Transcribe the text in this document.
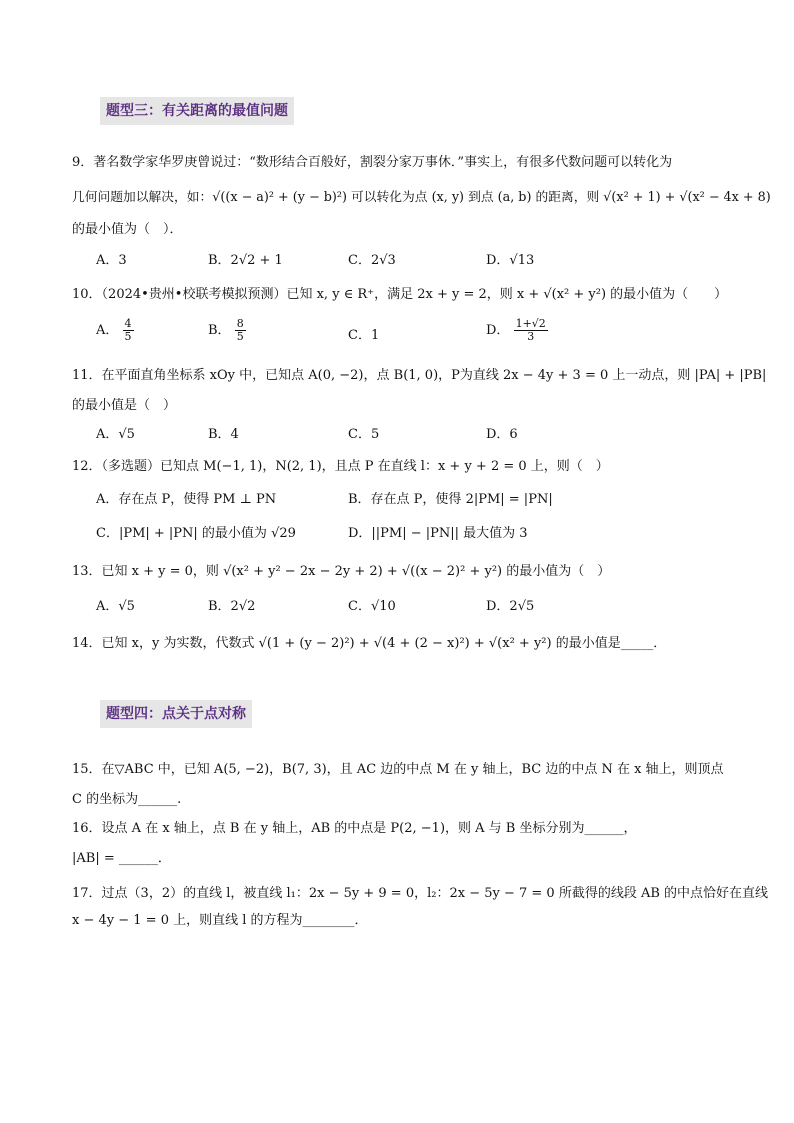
题型三：有关距离的最值问题
9．著名数学家华罗庚曾说过：“数形结合百般好，割裂分家万事休．”事实上，有很多代数问题可以转化为
几何问题加以解决，如：√((x − a)² + (y − b)²) 可以转化为点 (x, y) 到点 (a, b) 的距离，则 √(x² + 1) + √(x² − 4x + 8)
的最小值为（　）．
A．3	B．2√2 + 1	C．2√3	D．√13
10．（2024•贵州•校联考模拟预测）已知 x, y ∈ R⁺，满足 2x + y = 2，则 x + √(x² + y²) 的最小值为（　　）
A． $\frac{4}{5}$	B． $\frac{8}{5}$	C．1	D． $\frac{1+√2}{3}$
11．在平面直角坐标系 xOy 中，已知点 A(0, −2)，点 B(1, 0)，P为直线 2x − 4y + 3 = 0 上一动点，则 |PA| + |PB|
的最小值是（　）
A．√5	B．4	C．5	D．6
12．（多选题）已知点 M(−1, 1)，N(2, 1)，且点 P 在直线 l：x + y + 2 = 0 上，则（　）
A．存在点 P，使得 PM ⊥ PN	B．存在点 P，使得 2|PM| = |PN|
C．|PM| + |PN| 的最小值为 √29	D．||PM| − |PN|| 最大值为 3
13．已知 x + y = 0，则 √(x² + y² − 2x − 2y + 2) + √((x − 2)² + y²) 的最小值为（　）
A．√5	B．2√2	C．√10	D．2√5
14．已知 x，y 为实数，代数式 √(1 + (y − 2)²) + √(4 + (2 − x)²) + √(x² + y²) 的最小值是_____．
题型四：点关于点对称
15．在▽ABC 中，已知 A(5, −2)，B(7, 3)，且 AC 边的中点 M 在 y 轴上，BC 边的中点 N 在 x 轴上，则顶点
C 的坐标为______.
16．设点 A 在 x 轴上，点 B 在 y 轴上，AB 的中点是 P(2, −1)，则 A 与 B 坐标分别为______，
|AB| = ______．
17．过点（3，2）的直线 l，被直线 l₁：2x − 5y + 9 = 0，l₂：2x − 5y − 7 = 0 所截得的线段 AB 的中点恰好在直线
x − 4y − 1 = 0 上，则直线 l 的方程为________．
